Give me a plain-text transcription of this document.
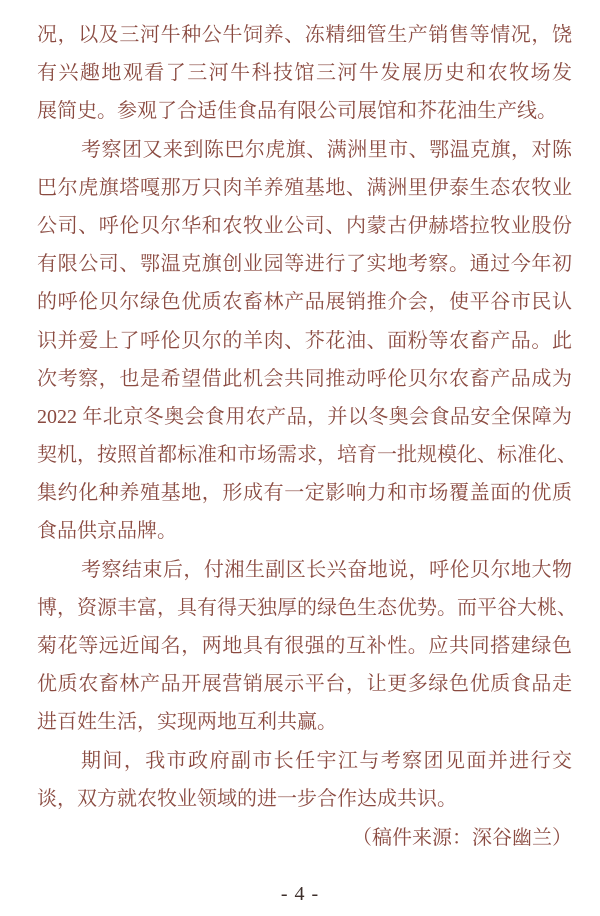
况，以及三河牛种公牛饲养、冻精细管生产销售等情况，饶
有兴趣地观看了三河牛科技馆三河牛发展历史和农牧场发
展简史。参观了合适佳食品有限公司展馆和芥花油生产线。
考察团又来到陈巴尔虎旗、满洲里市、鄂温克旗，对陈
巴尔虎旗塔嘎那万只肉羊养殖基地、满洲里伊泰生态农牧业
公司、呼伦贝尔华和农牧业公司、内蒙古伊赫塔拉牧业股份
有限公司、鄂温克旗创业园等进行了实地考察。通过今年初
的呼伦贝尔绿色优质农畜林产品展销推介会，使平谷市民认
识并爱上了呼伦贝尔的羊肉、芥花油、面粉等农畜产品。此
次考察，也是希望借此机会共同推动呼伦贝尔农畜产品成为
2022 年北京冬奥会食用农产品，并以冬奥会食品安全保障为
契机，按照首都标准和市场需求，培育一批规模化、标准化、
集约化种养殖基地，形成有一定影响力和市场覆盖面的优质
食品供京品牌。
考察结束后，付湘生副区长兴奋地说，呼伦贝尔地大物
博，资源丰富，具有得天独厚的绿色生态优势。而平谷大桃、
菊花等远近闻名，两地具有很强的互补性。应共同搭建绿色
优质农畜林产品开展营销展示平台，让更多绿色优质食品走
进百姓生活，实现两地互利共赢。
期间，我市政府副市长任宇江与考察团见面并进行交
谈，双方就农牧业领域的进一步合作达成共识。
（稿件来源：深谷幽兰）
- 4 -
